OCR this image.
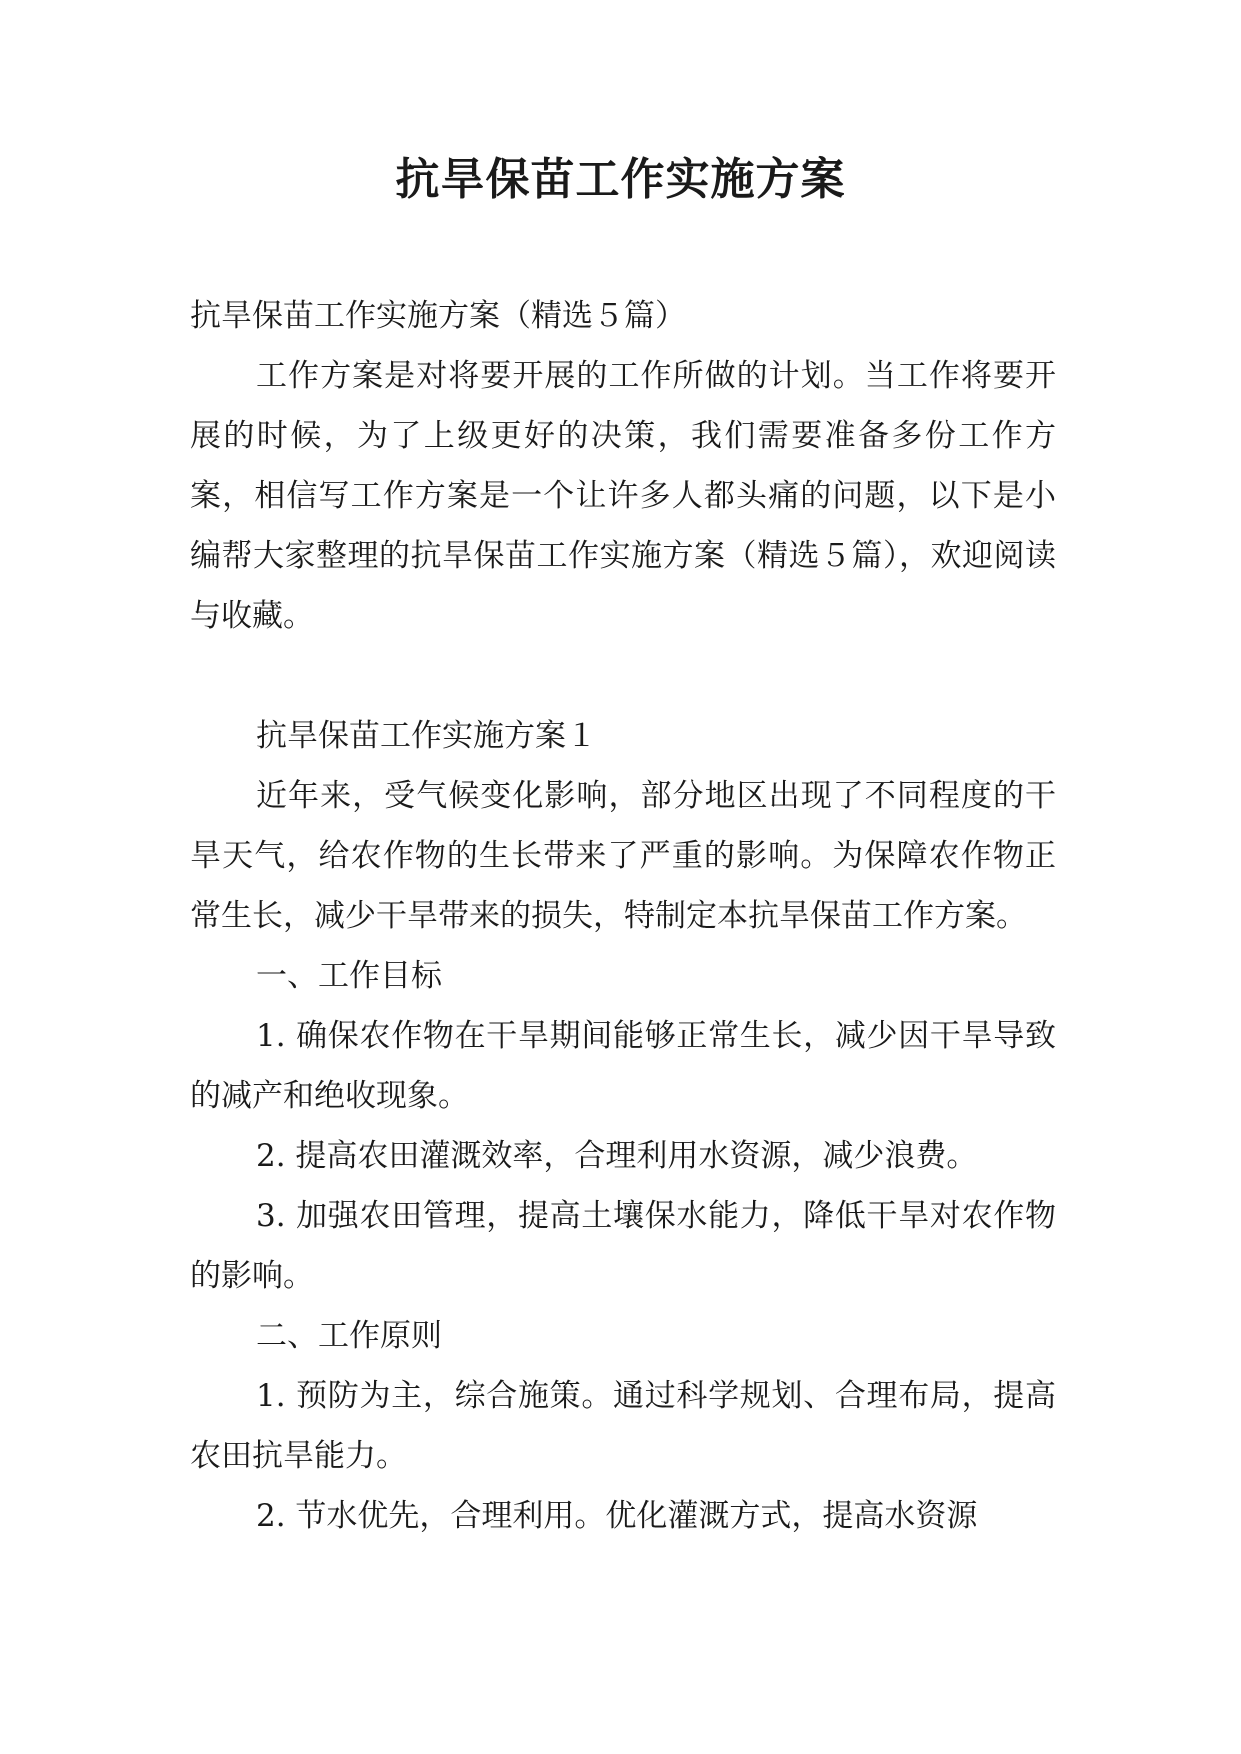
抗旱保苗工作实施方案

抗旱保苗工作实施方案（精选５篇）

工作方案是对将要开展的工作所做的计划。当工作将要开展的时候，为了上级更好的决策，我们需要准备多份工作方案，相信写工作方案是一个让许多人都头痛的问题，以下是小编帮大家整理的抗旱保苗工作实施方案（精选５篇），欢迎阅读与收藏。

抗旱保苗工作实施方案１

近年来，受气候变化影响，部分地区出现了不同程度的干旱天气，给农作物的生长带来了严重的影响。为保障农作物正常生长，减少干旱带来的损失，特制定本抗旱保苗工作方案。

一、工作目标

1. 确保农作物在干旱期间能够正常生长，减少因干旱导致的减产和绝收现象。

2. 提高农田灌溉效率，合理利用水资源，减少浪费。

3. 加强农田管理，提高土壤保水能力，降低干旱对农作物的影响。

二、工作原则

1. 预防为主，综合施策。通过科学规划、合理布局，提高农田抗旱能力。

2. 节水优先，合理利用。优化灌溉方式，提高水资源
